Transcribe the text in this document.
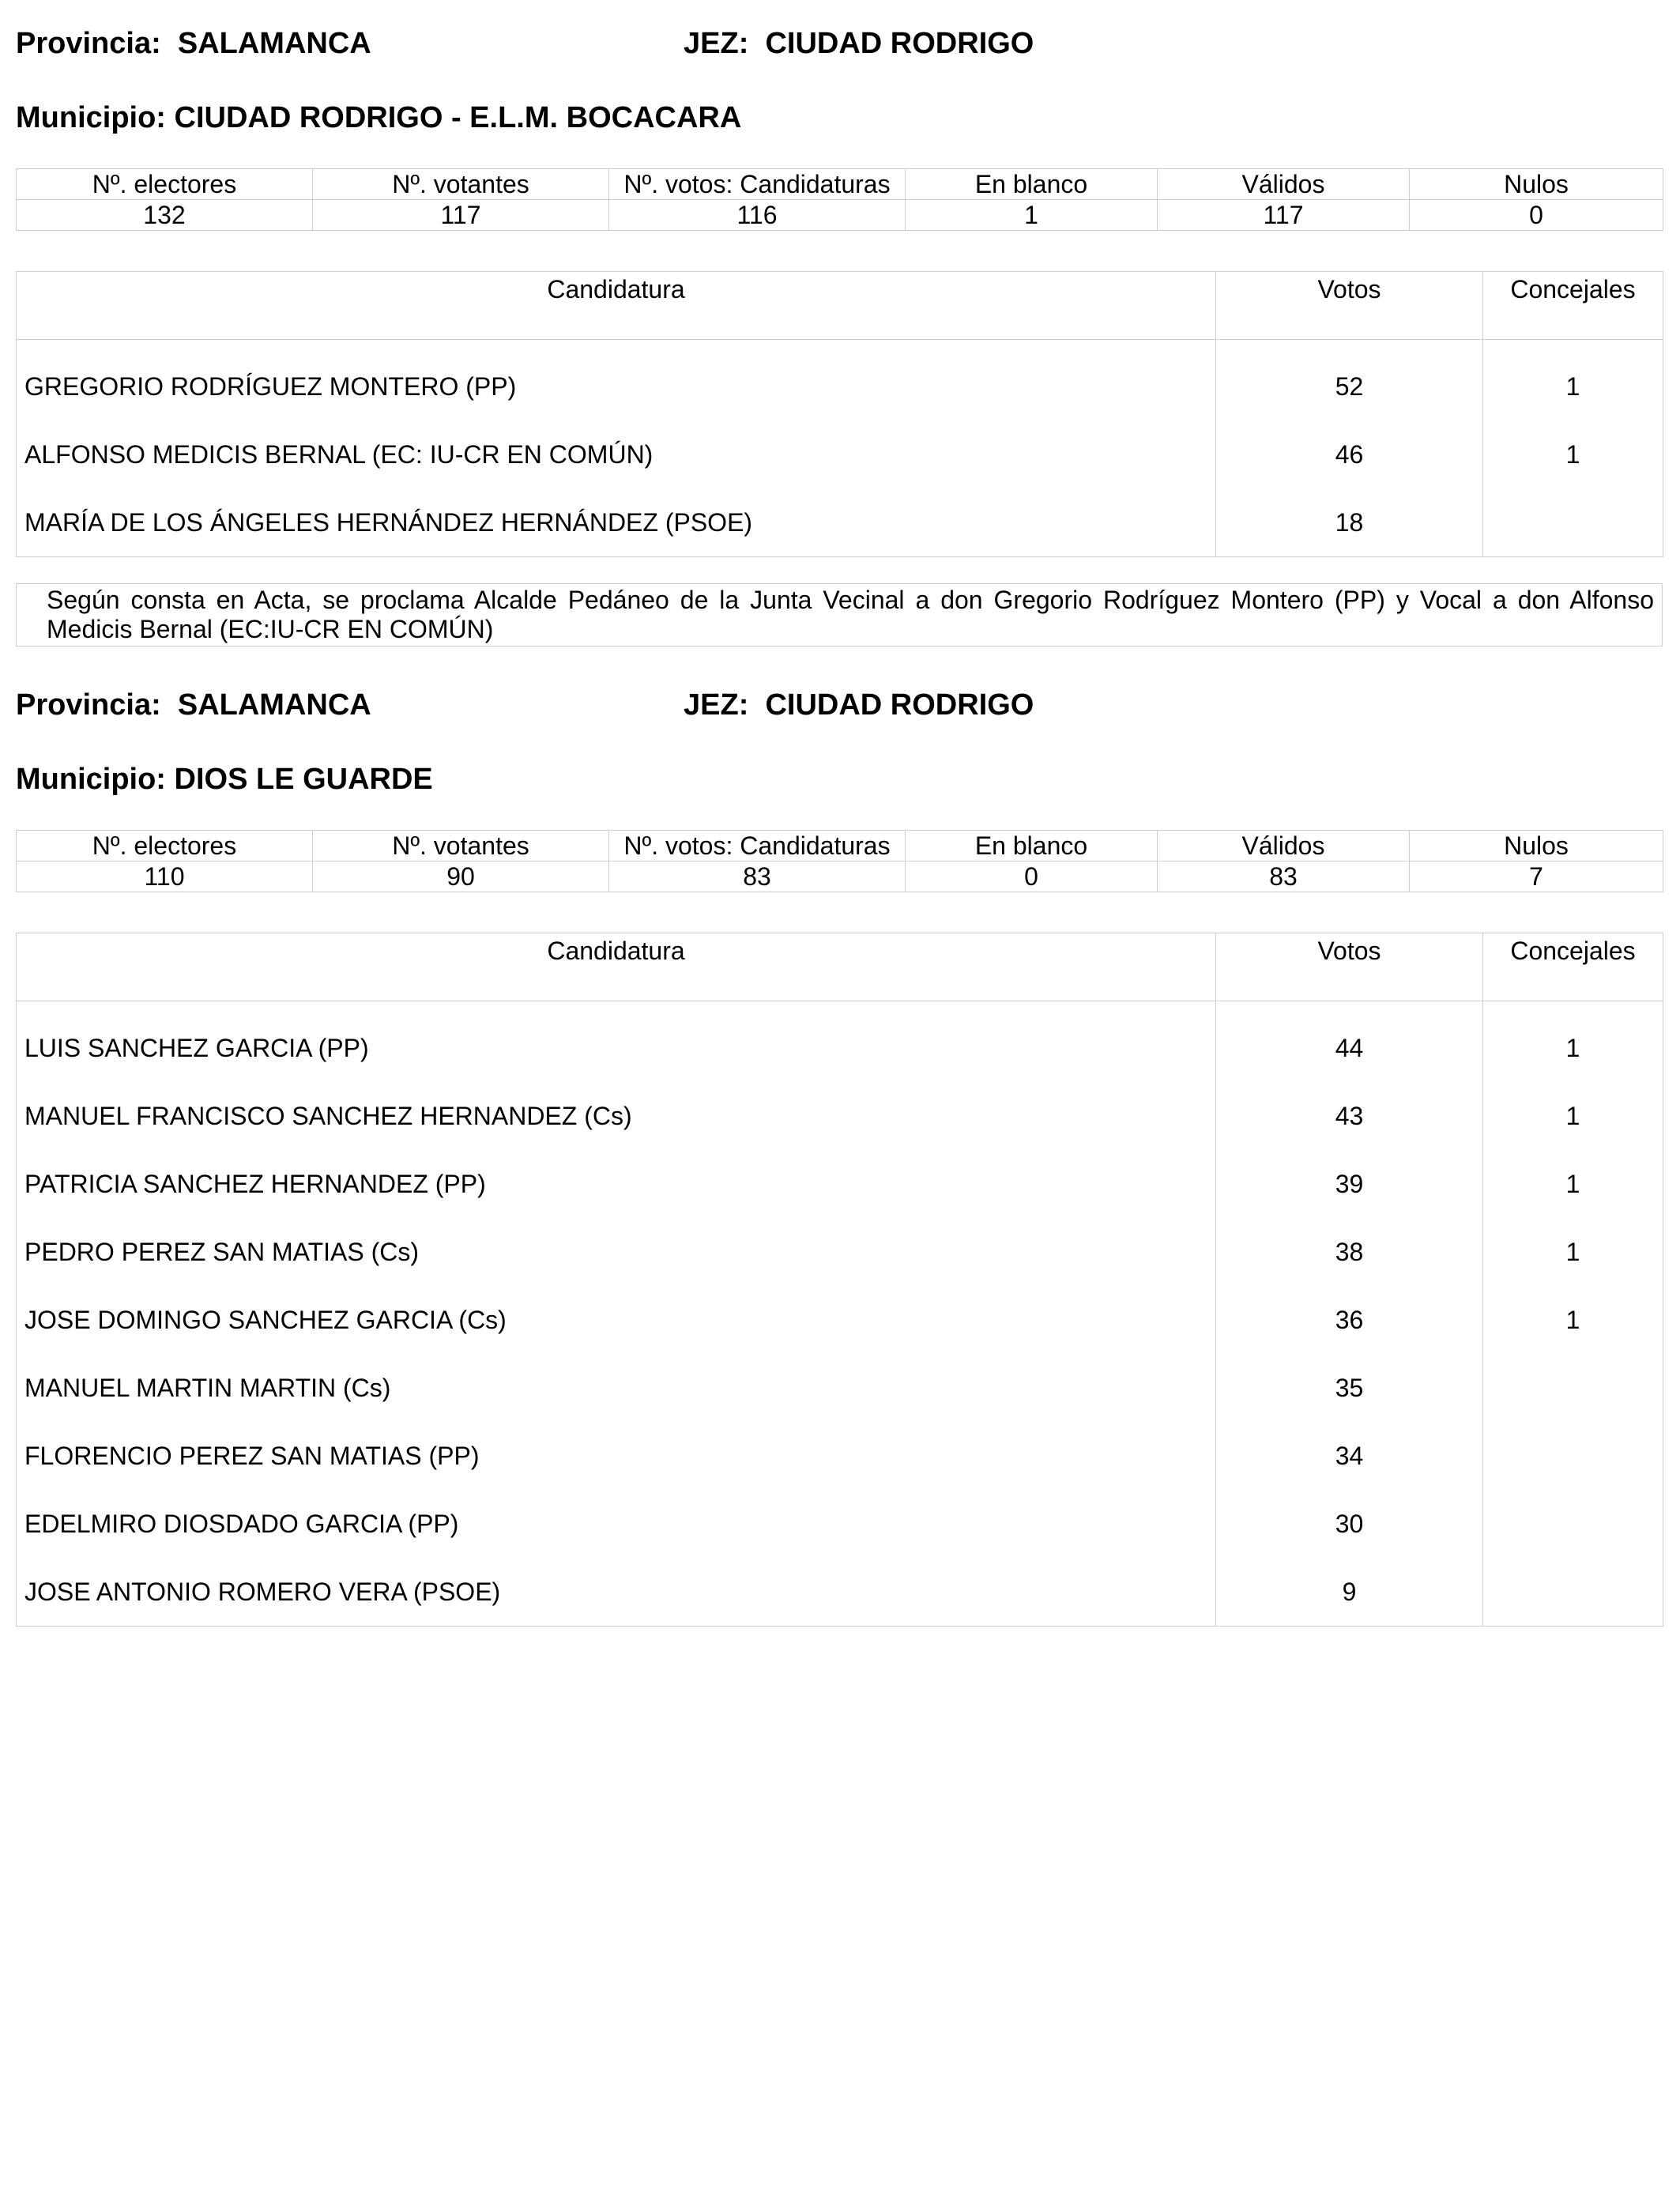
Provincia: SALAMANCA	JEZ: CIUDAD RODRIGO
Municipio: CIUDAD RODRIGO - E.L.M. BOCACARA
Nº. electores	Nº. votantes	Nº. votos: Candidaturas	En blanco	Válidos	Nulos
132	117	116	1	117	0
Candidatura	Votos	Concejales
GREGORIO RODRÍGUEZ MONTERO (PP)	52	1
ALFONSO MEDICIS BERNAL (EC: IU-CR EN COMÚN)	46	1
MARÍA DE LOS ÁNGELES HERNÁNDEZ HERNÁNDEZ (PSOE)	18	
Según consta en Acta, se proclama Alcalde Pedáneo de la Junta Vecinal a don Gregorio Rodríguez Montero (PP) y Vocal a don Alfonso Medicis Bernal (EC:IU-CR EN COMÚN)
Provincia: SALAMANCA	JEZ: CIUDAD RODRIGO
Municipio: DIOS LE GUARDE
Nº. electores	Nº. votantes	Nº. votos: Candidaturas	En blanco	Válidos	Nulos
110	90	83	0	83	7
Candidatura	Votos	Concejales
LUIS SANCHEZ GARCIA (PP)	44	1
MANUEL FRANCISCO SANCHEZ HERNANDEZ (Cs)	43	1
PATRICIA SANCHEZ HERNANDEZ (PP)	39	1
PEDRO PEREZ SAN MATIAS (Cs)	38	1
JOSE DOMINGO SANCHEZ GARCIA (Cs)	36	1
MANUEL MARTIN MARTIN (Cs)	35	
FLORENCIO PEREZ SAN MATIAS (PP)	34	
EDELMIRO DIOSDADO GARCIA (PP)	30	
JOSE ANTONIO ROMERO VERA (PSOE)	9	
